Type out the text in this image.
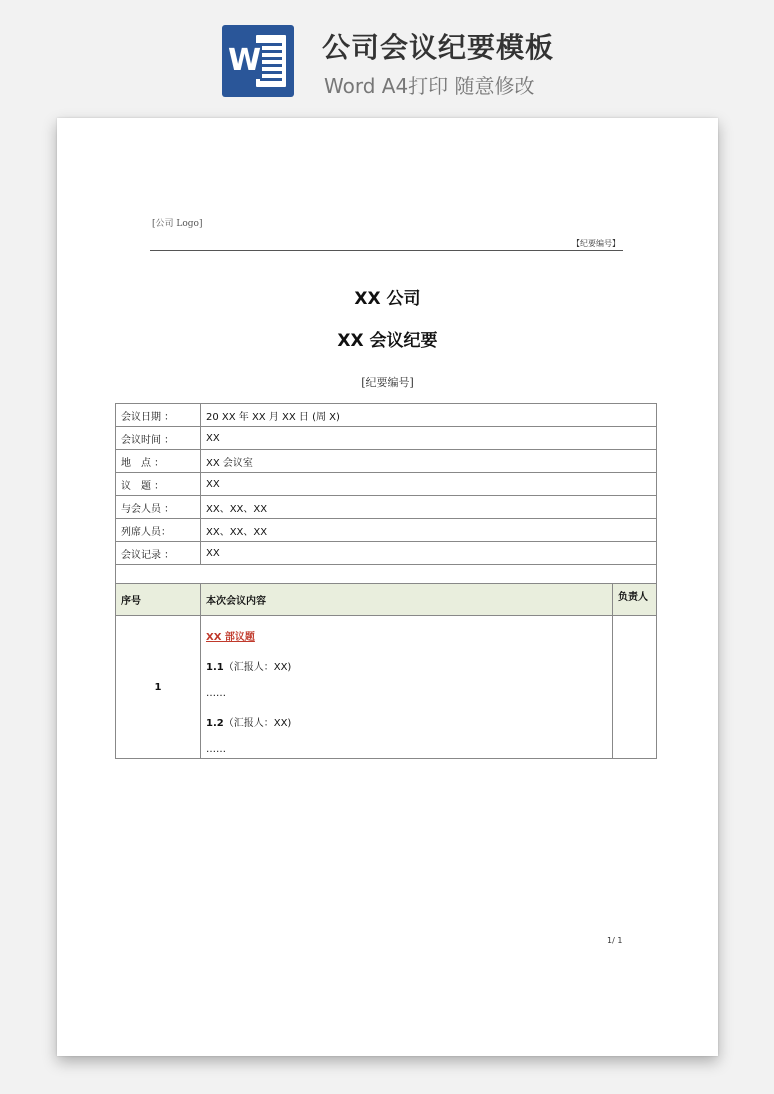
W 公司会议纪要模板
Word A4打印 随意修改
[公司 Logo]
【纪要编号】
XX 公司
XX 会议纪要
[纪要编号]
会议日期 ：	20 XX 年 XX 月 XX 日 (周 X)	
会议时间 ：	XX	
地　点 ：	XX 会议室	
议　题 ：	XX	
与会人员 ：	XX、XX、XX	
列席人员：	XX、XX、XX	
会议记录 ：	XX	

序号	本次会议内容	负责人
1	XX 部议题
1.1（汇报人：XX)
……
1.2（汇报人：XX)
……	

1/ 1
